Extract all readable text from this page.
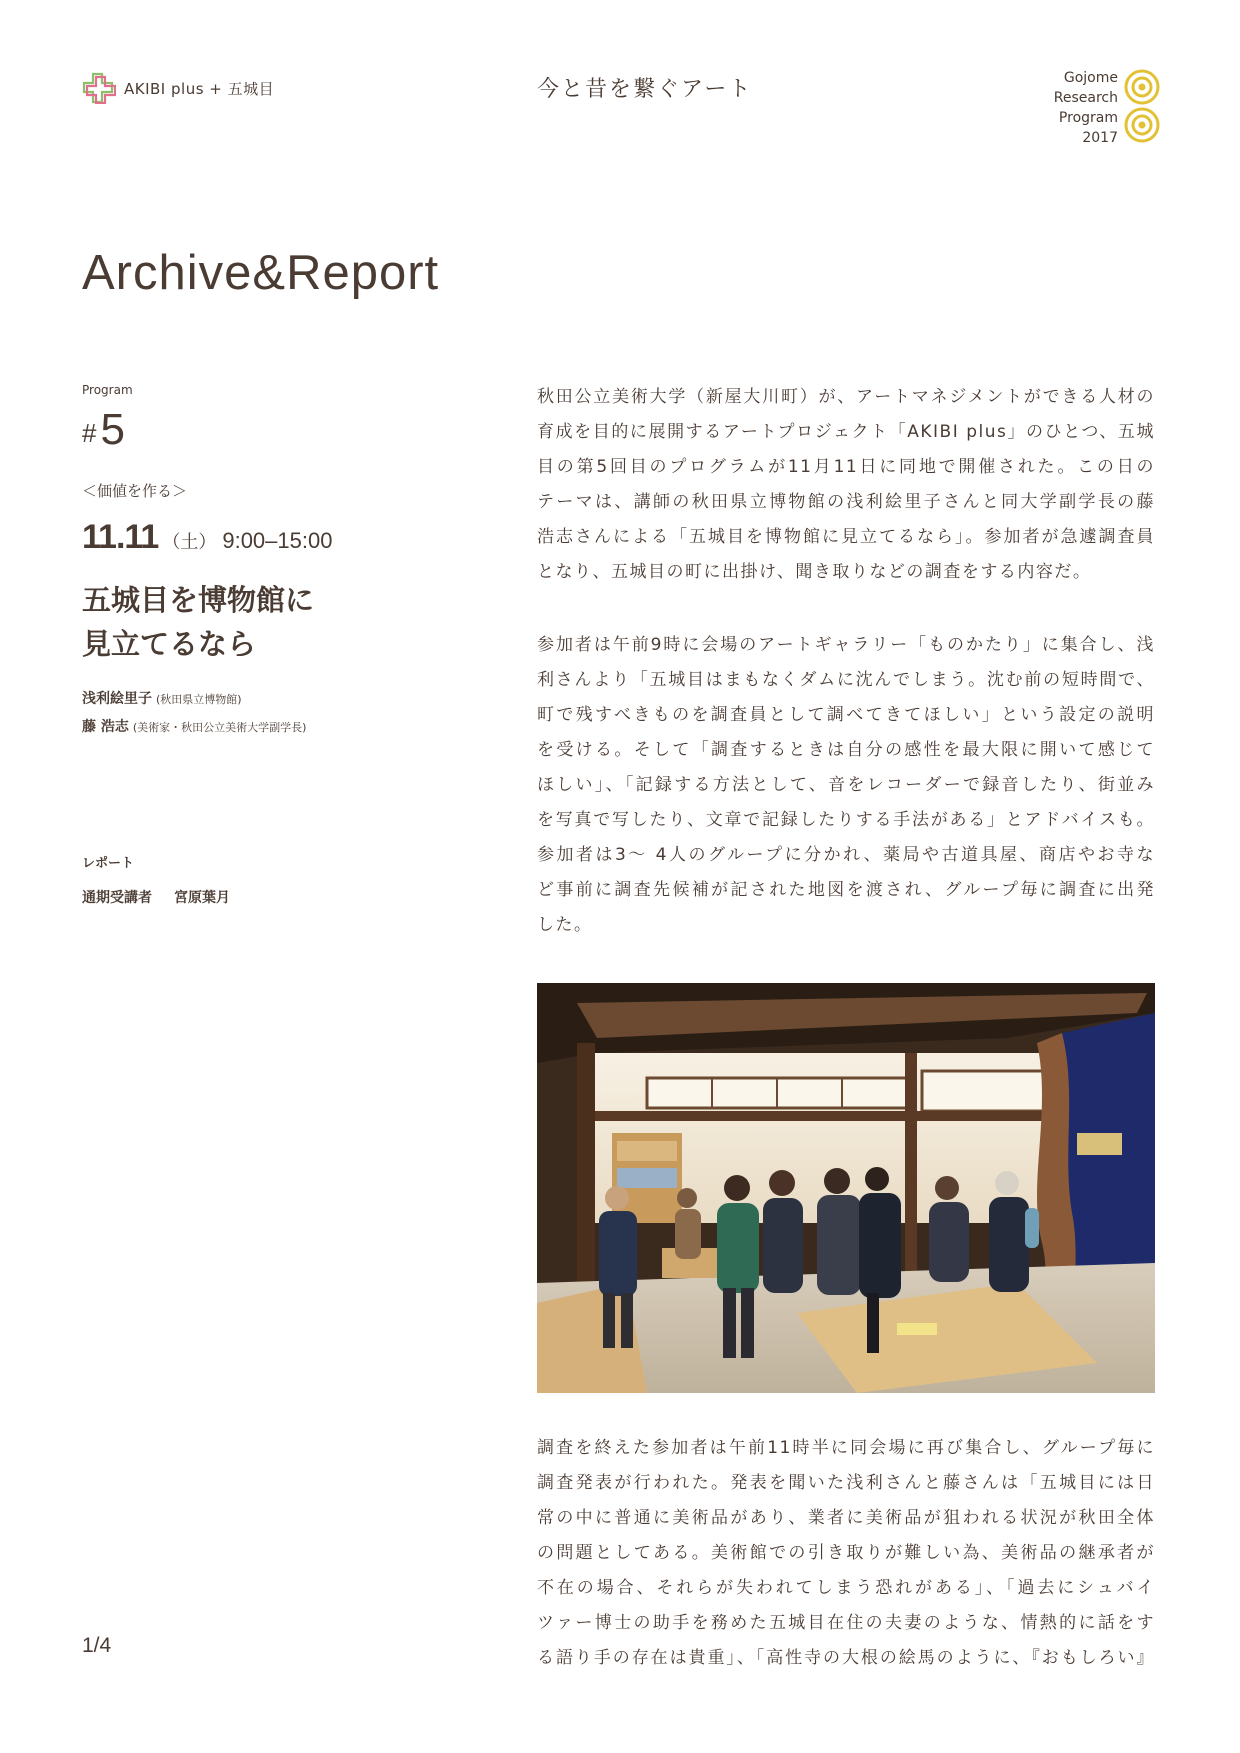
AKIBI plus + 五城目	今と昔を繋ぐアート	Gojome
Research
Program
2017
Archive&Report
Program
#5
＜価値を作る＞
11.11 （土） 9:00–15:00
五城目を博物館に
見立てるなら
浅利絵里子 (秋田県立博物館)
藤 浩志 (美術家・秋田公立美術大学副学長)
レポート
通期受講者 宮原葉月
1/4
秋田公立美術大学（新屋大川町）が、アートマネジメントができる人材の
育成を目的に展開するアートプロジェクト「AKIBI plus」のひとつ、五城
目の第5回目のプログラムが11月11日に同地で開催された。この日の
テーマは、講師の秋田県立博物館の浅利絵里子さんと同大学副学長の藤
浩志さんによる「五城目を博物館に見立てるなら」。参加者が急遽調査員
となり、五城目の町に出掛け、聞き取りなどの調査をする内容だ。
参加者は午前9時に会場のアートギャラリー「ものかたり」に集合し、浅
利さんより「五城目はまもなくダムに沈んでしまう。沈む前の短時間で、
町で残すべきものを調査員として調べてきてほしい」という設定の説明
を受ける。そして「調査するときは自分の感性を最大限に開いて感じて
ほしい」、「記録する方法として、音をレコーダーで録音したり、街並み
を写真で写したり、文章で記録したりする手法がある」とアドバイスも。
参加者は3～ 4人のグループに分かれ、薬局や古道具屋、商店やお寺な
ど事前に調査先候補が記された地図を渡され、グループ毎に調査に出発
した。
調査を終えた参加者は午前11時半に同会場に再び集合し、グループ毎に
調査発表が行われた。発表を聞いた浅利さんと藤さんは「五城目には日
常の中に普通に美術品があり、業者に美術品が狙われる状況が秋田全体
の問題としてある。美術館での引き取りが難しい為、美術品の継承者が
不在の場合、それらが失われてしまう恐れがある」、「過去にシュバイ
ツァー博士の助手を務めた五城目在住の夫妻のような、情熱的に話をす
る語り手の存在は貴重」、「高性寺の大根の絵馬のように、『おもしろい』
